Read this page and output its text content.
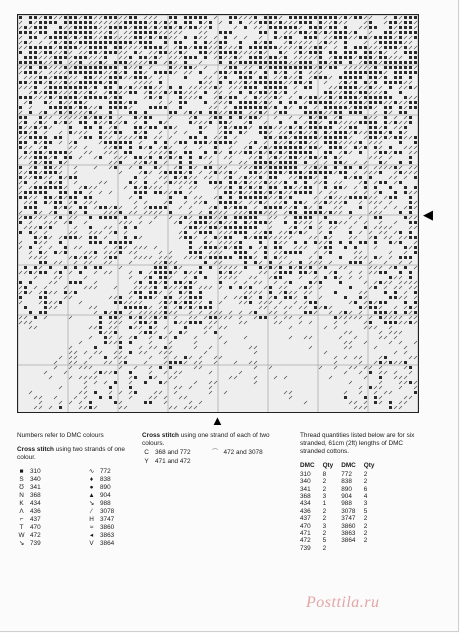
◀
▲
Numbers refer to DMC colours
Cross stitch using two strands of one colour.
■	310	∿ 772
S 340	♦	838
Ʊ 341	●	890
N 368	▲ 904
K 434	↘ 988
Λ 436	⁄	3078
⌐	437	H 3747
T	470	≈	3860
W 472	◂	3863
↘ 739	V 3864
Cross stitch using one strand of each of two colours.
C 368 and 772
Y 471 and 472
⌒ 472 and 3078
Thread quantities listed below are for six stranded, 61cm (2ft) lengths of DMC stranded cottons.
DMC	Qty	DMC	Qty
310	8	772	2
340	2	838	2
341	2	890	6
368	3	904	4
434	1	988	3
436	2	3078	5
437	2	3747	2
470	3	3860	2
471	2	3863	2
472	5	3864	2
739	2		
Posttila.ru
